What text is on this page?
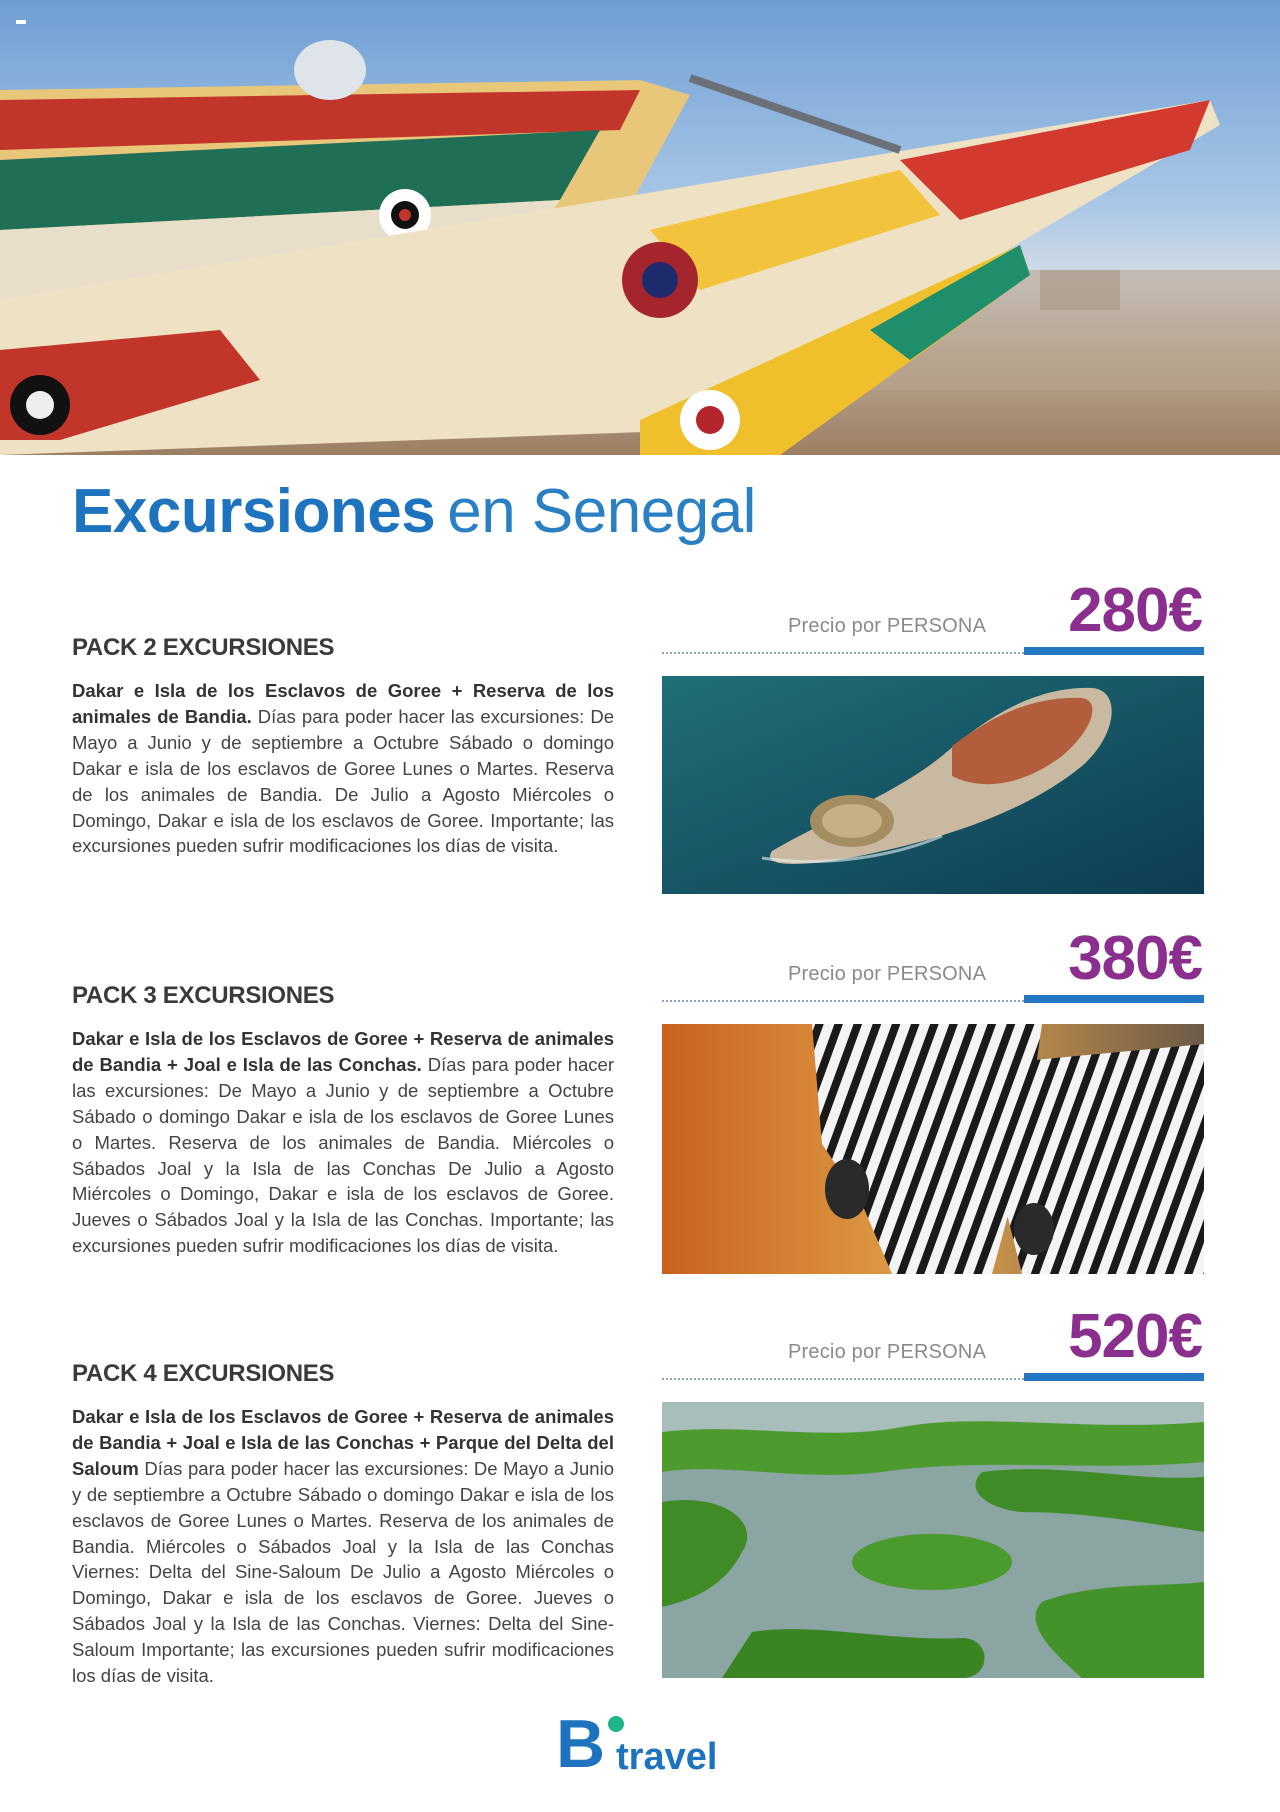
Excursiones en Senegal
Precio por PERSONA 280€
PACK 2 EXCURSIONES

Dakar e Isla de los Esclavos de Goree + Reserva de los animales de Bandia. Días para poder hacer las excursiones: De Mayo a Junio y de septiembre a Octubre Sábado o domingo Dakar e isla de los esclavos de Goree Lunes o Martes. Reserva de los animales de Bandia. De Julio a Agosto Miércoles o Domingo, Dakar e isla de los esclavos de Goree. Importante; las excursiones pueden sufrir modificaciones los días de visita.

Precio por PERSONA 380€
PACK 3 EXCURSIONES

Dakar e Isla de los Esclavos de Goree + Reserva de animales de Bandia + Joal e Isla de las Conchas. Días para poder hacer las excursiones: De Mayo a Junio y de septiembre a Octubre Sábado o domingo Dakar e isla de los esclavos de Goree Lunes o Martes. Reserva de los animales de Bandia. Miércoles o Sábados Joal y la Isla de las Conchas De Julio a Agosto Miércoles o Domingo, Dakar e isla de los esclavos de Goree. Jueves o Sábados Joal y la Isla de las Conchas. Importante; las excursiones pueden sufrir modificaciones los días de visita.

Precio por PERSONA 520€
PACK 4 EXCURSIONES

Dakar e Isla de los Esclavos de Goree + Reserva de animales de Bandia + Joal e Isla de las Conchas + Parque del Delta del Saloum Días para poder hacer las excursiones: De Mayo a Junio y de septiembre a Octubre Sábado o domingo Dakar e isla de los esclavos de Goree Lunes o Martes. Reserva de los animales de Bandia. Miércoles o Sábados Joal y la Isla de las Conchas Viernes: Delta del Sine-Saloum De Julio a Agosto Miércoles o Domingo, Dakar e isla de los esclavos de Goree. Jueves o Sábados Joal y la Isla de las Conchas. Viernes: Delta del Sine-Saloum Importante; las excursiones pueden sufrir modificaciones los días de visita.

B travel
